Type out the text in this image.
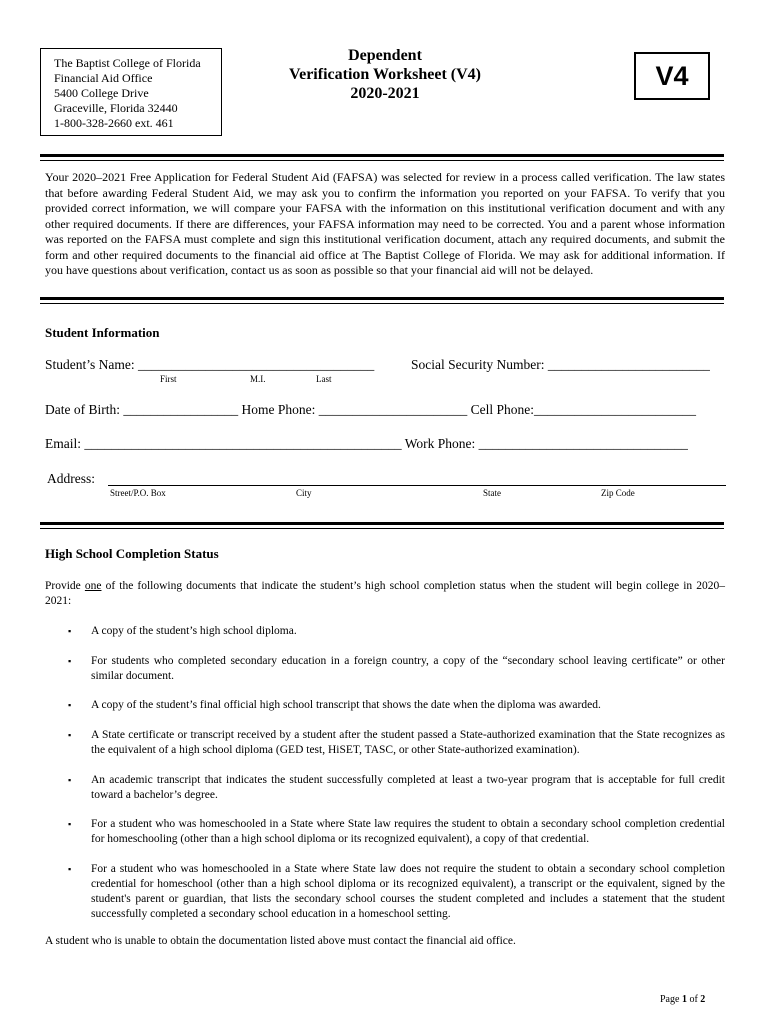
The Baptist College of Florida
Financial Aid Office
5400 College Drive
Graceville, Florida 32440
1-800-328-2660 ext. 461
Dependent
Verification Worksheet (V4)
2020-2021
V4
Your 2020–2021 Free Application for Federal Student Aid (FAFSA) was selected for review in a process called verification. The law states that before awarding Federal Student Aid, we may ask you to confirm the information you reported on your FAFSA. To verify that you provided correct information, we will compare your FAFSA with the information on this institutional verification document and with any other required documents. If there are differences, your FAFSA information may need to be corrected. You and a parent whose information was reported on the FAFSA must complete and sign this institutional verification document, attach any required documents, and submit the form and other required documents to the financial aid office at The Baptist College of Florida. We may ask for additional information. If you have questions about verification, contact us as soon as possible so that your financial aid will not be delayed.
Student Information
Student’s Name: ___________________________________	Social Security Number: ________________________
First	M.I.	Last
Date of Birth: _________________ Home Phone: ______________________ Cell Phone:________________________
Email: _______________________________________________ Work Phone: _______________________________
Address:
Street/P.O. Box	City	State	Zip Code
High School Completion Status
Provide one of the following documents that indicate the student’s high school completion status when the student will begin college in 2020–2021:
▪ A copy of the student’s high school diploma.
▪ For students who completed secondary education in a foreign country, a copy of the “secondary school leaving certificate” or other similar document.
▪ A copy of the student’s final official high school transcript that shows the date when the diploma was awarded.
▪ A State certificate or transcript received by a student after the student passed a State-authorized examination that the State recognizes as the equivalent of a high school diploma (GED test, HiSET, TASC, or other State-authorized examination).
▪ An academic transcript that indicates the student successfully completed at least a two-year program that is acceptable for full credit toward a bachelor’s degree.
▪ For a student who was homeschooled in a State where State law requires the student to obtain a secondary school completion credential for homeschooling (other than a high school diploma or its recognized equivalent), a copy of that credential.
▪ For a student who was homeschooled in a State where State law does not require the student to obtain a secondary school completion credential for homeschool (other than a high school diploma or its recognized equivalent), a transcript or the equivalent, signed by the student's parent or guardian, that lists the secondary school courses the student completed and includes a statement that the student successfully completed a secondary school education in a homeschool setting.
A student who is unable to obtain the documentation listed above must contact the financial aid office.
Page 1 of 2
